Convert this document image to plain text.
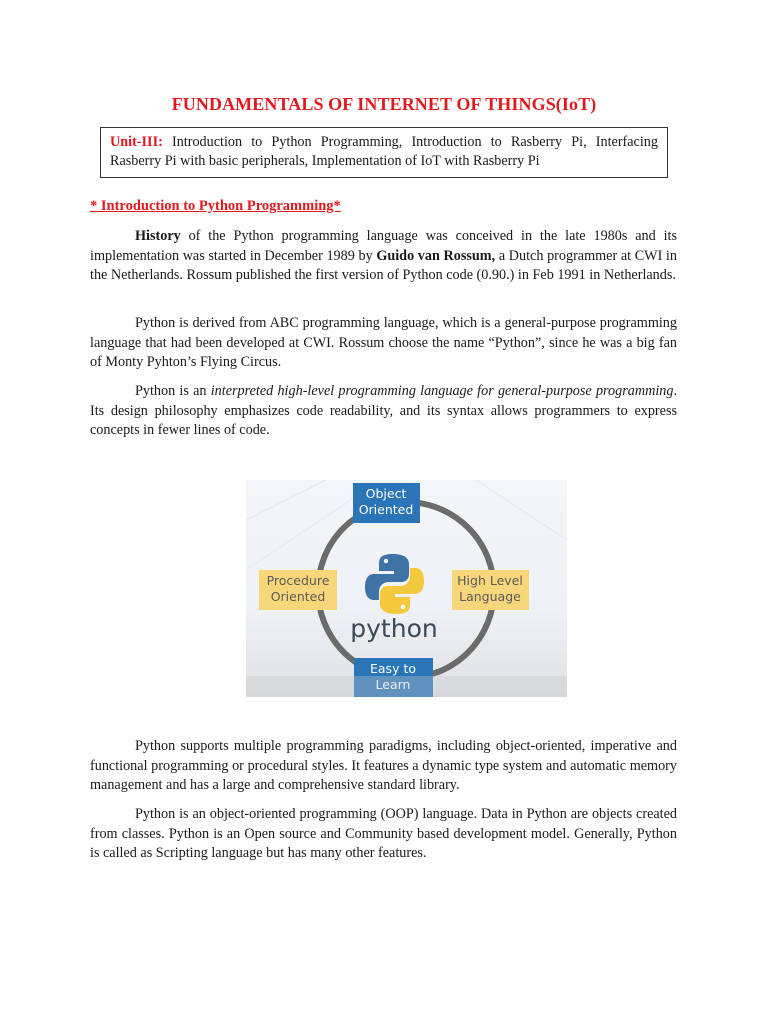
FUNDAMENTALS OF INTERNET OF THINGS(IoT)
Unit-III: Introduction to Python Programming, Introduction to Rasberry Pi, Interfacing Rasberry Pi with basic peripherals, Implementation of IoT with Rasberry Pi
* Introduction to Python Programming*

History of the Python programming language was conceived in the late 1980s and its implementation was started in December 1989 by Guido van Rossum, a Dutch programmer at CWI in the Netherlands. Rossum published the first version of Python code (0.90.) in Feb 1991 in Netherlands.

Python is derived from ABC programming language, which is a general-purpose programming language that had been developed at CWI. Rossum choose the name “Python”, since he was a big fan of Monty Pyhton’s Flying Circus.

Python is an interpreted high-level programming language for general-purpose programming. Its design philosophy emphasizes code readability, and its syntax allows programmers to express concepts in fewer lines of code.

python
Object
Oriented
Procedure
Oriented
High Level
Language
Easy to
Learn

Python supports multiple programming paradigms, including object-oriented, imperative and functional programming or procedural styles. It features a dynamic type system and automatic memory management and has a large and comprehensive standard library.

Python is an object-oriented programming (OOP) language. Data in Python are objects created from classes. Python is an Open source and Community based development model. Generally, Python is called as Scripting language but has many other features.
